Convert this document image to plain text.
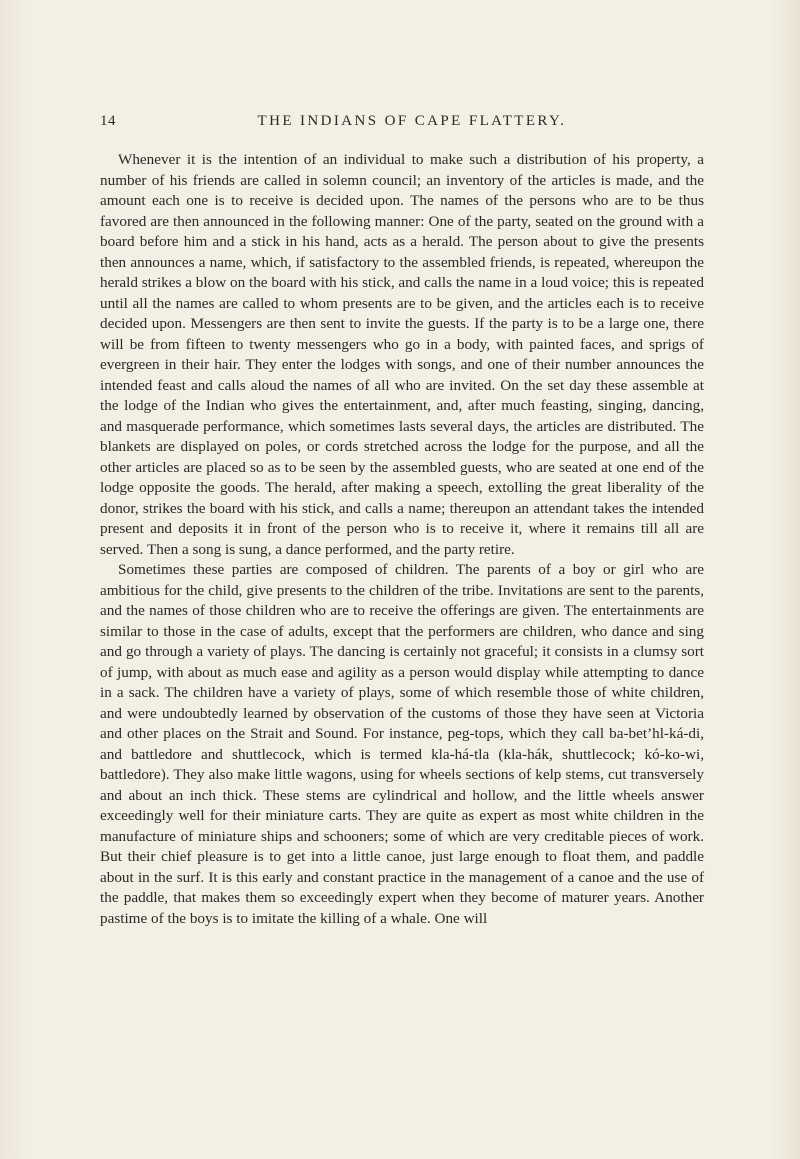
14	THE INDIANS OF CAPE FLATTERY.

Whenever it is the intention of an individual to make such a distribution of his property, a number of his friends are called in solemn council; an inventory of the articles is made, and the amount each one is to receive is decided upon. The names of the persons who are to be thus favored are then announced in the following manner: One of the party, seated on the ground with a board before him and a stick in his hand, acts as a herald. The person about to give the presents then announces a name, which, if satisfactory to the assembled friends, is repeated, whereupon the herald strikes a blow on the board with his stick, and calls the name in a loud voice; this is repeated until all the names are called to whom presents are to be given, and the articles each is to receive decided upon. Messengers are then sent to invite the guests. If the party is to be a large one, there will be from fifteen to twenty messengers who go in a body, with painted faces, and sprigs of evergreen in their hair. They enter the lodges with songs, and one of their number announces the intended feast and calls aloud the names of all who are invited. On the set day these assemble at the lodge of the Indian who gives the entertainment, and, after much feasting, singing, dancing, and masquerade performance, which sometimes lasts several days, the articles are distributed. The blankets are displayed on poles, or cords stretched across the lodge for the purpose, and all the other articles are placed so as to be seen by the assembled guests, who are seated at one end of the lodge opposite the goods. The herald, after making a speech, extolling the great liberality of the donor, strikes the board with his stick, and calls a name; thereupon an attendant takes the intended present and deposits it in front of the person who is to receive it, where it remains till all are served. Then a song is sung, a dance performed, and the party retire.

Sometimes these parties are composed of children. The parents of a boy or girl who are ambitious for the child, give presents to the children of the tribe. Invitations are sent to the parents, and the names of those children who are to receive the offerings are given. The entertainments are similar to those in the case of adults, except that the performers are children, who dance and sing and go through a variety of plays. The dancing is certainly not graceful; it consists in a clumsy sort of jump, with about as much ease and agility as a person would display while attempting to dance in a sack. The children have a variety of plays, some of which resemble those of white children, and were undoubtedly learned by observation of the customs of those they have seen at Victoria and other places on the Strait and Sound. For instance, peg-tops, which they call ba-bet’hl-ká-di, and battledore and shuttlecock, which is termed kla-há-tla (kla-hák, shuttlecock; kó-ko-wi, battledore). They also make little wagons, using for wheels sections of kelp stems, cut transversely and about an inch thick. These stems are cylindrical and hollow, and the little wheels answer exceedingly well for their miniature carts. They are quite as expert as most white children in the manufacture of miniature ships and schooners; some of which are very creditable pieces of work. But their chief pleasure is to get into a little canoe, just large enough to float them, and paddle about in the surf. It is this early and constant practice in the management of a canoe and the use of the paddle, that makes them so exceedingly expert when they become of maturer years. Another pastime of the boys is to imitate the killing of a whale. One will
